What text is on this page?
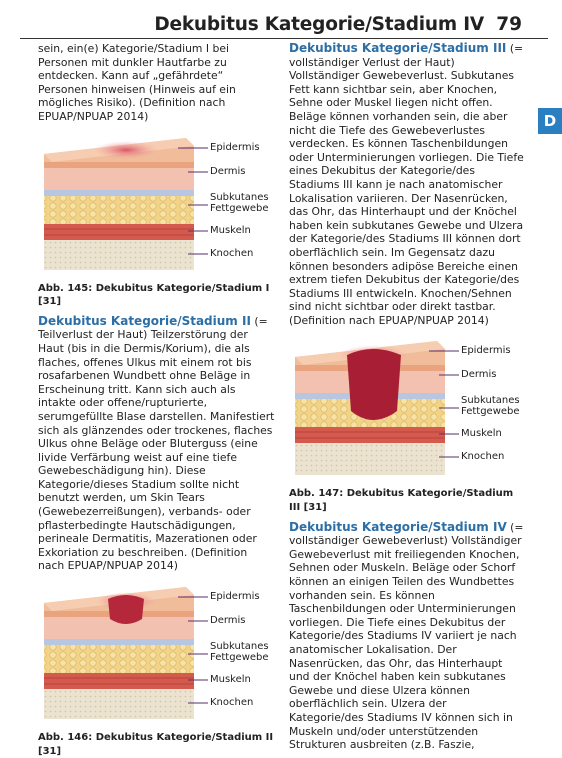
Dekubitus Kategorie/Stadium IV 79
D

sein, ein(e) Kategorie/Stadium I bei Personen mit dunkler Hautfarbe zu entdecken. Kann auf „gefährdete“ Personen hinweisen (Hinweis auf ein mögliches Risiko). (Definition nach EPUAP/NPUAP 2014)

Epidermis
Dermis
Subkutanes
Fettgewebe
Muskeln
Knochen

Abb. 145: Dekubitus Kategorie/Stadium I [31]

Dekubitus Kategorie/Stadium II (= Teilverlust der Haut) Teilzerstörung der Haut (bis in die Dermis/Korium), die als flaches, offenes Ulkus mit einem rot bis rosafarbenen Wundbett ohne Beläge in Erscheinung tritt. Kann sich auch als intakte oder offene/rupturierte, serumgefüllte Blase darstellen. Manifestiert sich als glänzendes oder trockenes, flaches Ulkus ohne Beläge oder Bluterguss (eine livide Verfärbung weist auf eine tiefe Gewebeschädigung hin). Diese Kategorie/dieses Stadium sollte nicht benutzt werden, um Skin Tears (Gewebezerreißungen), verbands- oder pflasterbedingte Hautschädigungen, perineale Dermatitis, Mazerationen oder Exkoriation zu beschreiben. (Definition nach EPUAP/NPUAP 2014)

Epidermis
Dermis
Subkutanes
Fettgewebe
Muskeln
Knochen

Abb. 146: Dekubitus Kategorie/Stadium II [31]

Dekubitus Kategorie/Stadium III (= vollständiger Verlust der Haut) Vollständiger Gewebeverlust. Subkutanes Fett kann sichtbar sein, aber Knochen, Sehne oder Muskel liegen nicht offen. Beläge können vorhanden sein, die aber nicht die Tiefe des Gewebeverlustes verdecken. Es können Taschenbildungen oder Unterminierungen vorliegen. Die Tiefe eines Dekubitus der Kategorie/des Stadiums III kann je nach anatomischer Lokalisation variieren. Der Nasenrücken, das Ohr, das Hinterhaupt und der Knöchel haben kein subkutanes Gewebe und Ulzera der Kategorie/des Stadiums III können dort oberflächlich sein. Im Gegensatz dazu können besonders adipöse Bereiche einen extrem tiefen Dekubitus der Kategorie/des Stadiums III entwickeln. Knochen/Sehnen sind nicht sichtbar oder direkt tastbar. (Definition nach EPUAP/NPUAP 2014)

Epidermis
Dermis
Subkutanes
Fettgewebe
Muskeln
Knochen

Abb. 147: Dekubitus Kategorie/Stadium III [31]

Dekubitus Kategorie/Stadium IV (= vollständiger Gewebeverlust) Vollständiger Gewebeverlust mit freiliegenden Knochen, Sehnen oder Muskeln. Beläge oder Schorf können an einigen Teilen des Wundbettes vorhanden sein. Es können Taschenbildungen oder Unterminierungen vorliegen. Die Tiefe eines Dekubitus der Kategorie/des Stadiums IV variiert je nach anatomischer Lokalisation. Der Nasenrücken, das Ohr, das Hinterhaupt und der Knöchel haben kein subkutanes Gewebe und diese Ulzera können oberflächlich sein. Ulzera der Kategorie/des Stadiums IV können sich in Muskeln und/oder unterstützenden Strukturen ausbreiten (z.B. Faszie,
